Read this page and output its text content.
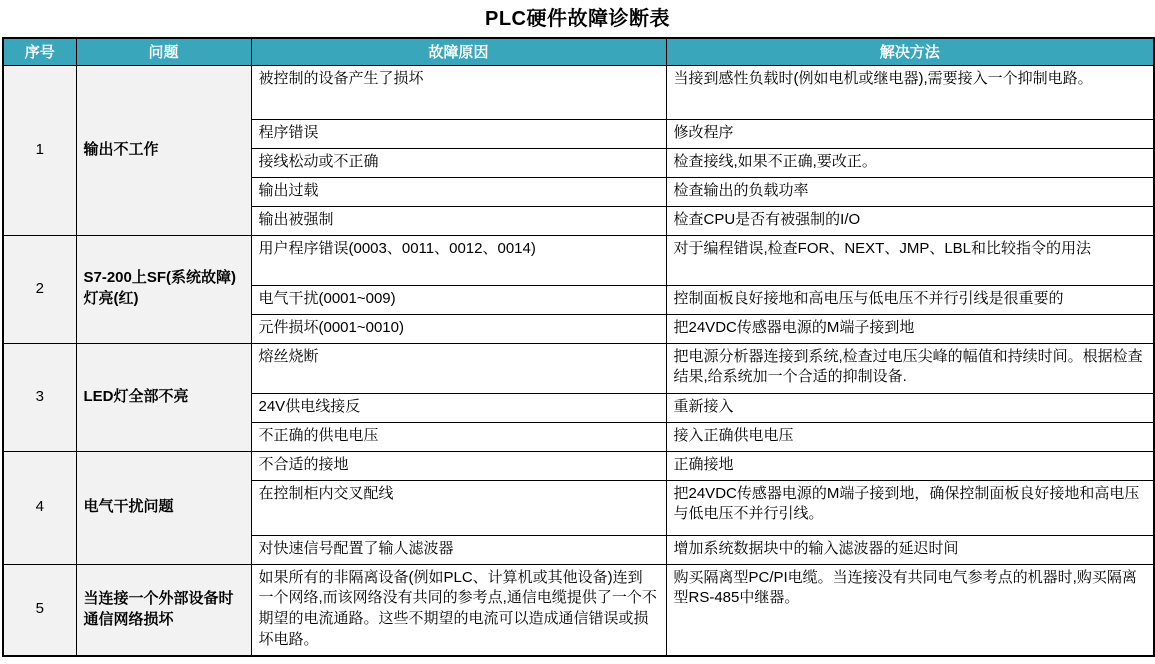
PLC硬件故障诊断表
序号	问题	故障原因	解决方法
1	输出不工作	被控制的设备产生了损坏	当接到感性负载时(例如电机或继电器),需要接入一个抑制电路。
		程序错误	修改程序
		接线松动或不正确	检查接线,如果不正确,要改正。
		输出过载	检查输出的负载功率
		输出被强制	检查CPU是否有被强制的I/O
2	S7-200上SF(系统故障)灯亮(红)	用户程序错误(0003、0011、0012、0014)	对于编程错误,检查FOR、NEXT、JMP、LBL和比较指令的用法
		电气干扰(0001~009)	控制面板良好接地和高电压与低电压不并行引线是很重要的
		元件损坏(0001~0010)	把24VDC传感器电源的M端子接到地
3	LED灯全部不亮	熔丝烧断	把电源分析器连接到系统,检查过电压尖峰的幅值和持续时间。根据检查结果,给系统加一个合适的抑制设备.
		24V供电线接反	重新接入
		不正确的供电电压	接入正确供电电压
4	电气干扰问题	不合适的接地	正确接地
		在控制柜内交叉配线	把24VDC传感器电源的M端子接到地，确保控制面板良好接地和高电压与低电压不并行引线。
		对快速信号配置了输人滤波器	增加系统数据块中的输入滤波器的延迟时间
5	当连接一个外部设备时通信网络损坏	如果所有的非隔离设备(例如PLC、计算机或其他设备)连到一个网络,而该网络没有共同的参考点,通信电缆提供了一个不期望的电流通路。这些不期望的电流可以造成通信错误或损坏电路。	购买隔离型PC/PI电缆。当连接没有共同电气参考点的机器时,购买隔离型RS-485中继器。
